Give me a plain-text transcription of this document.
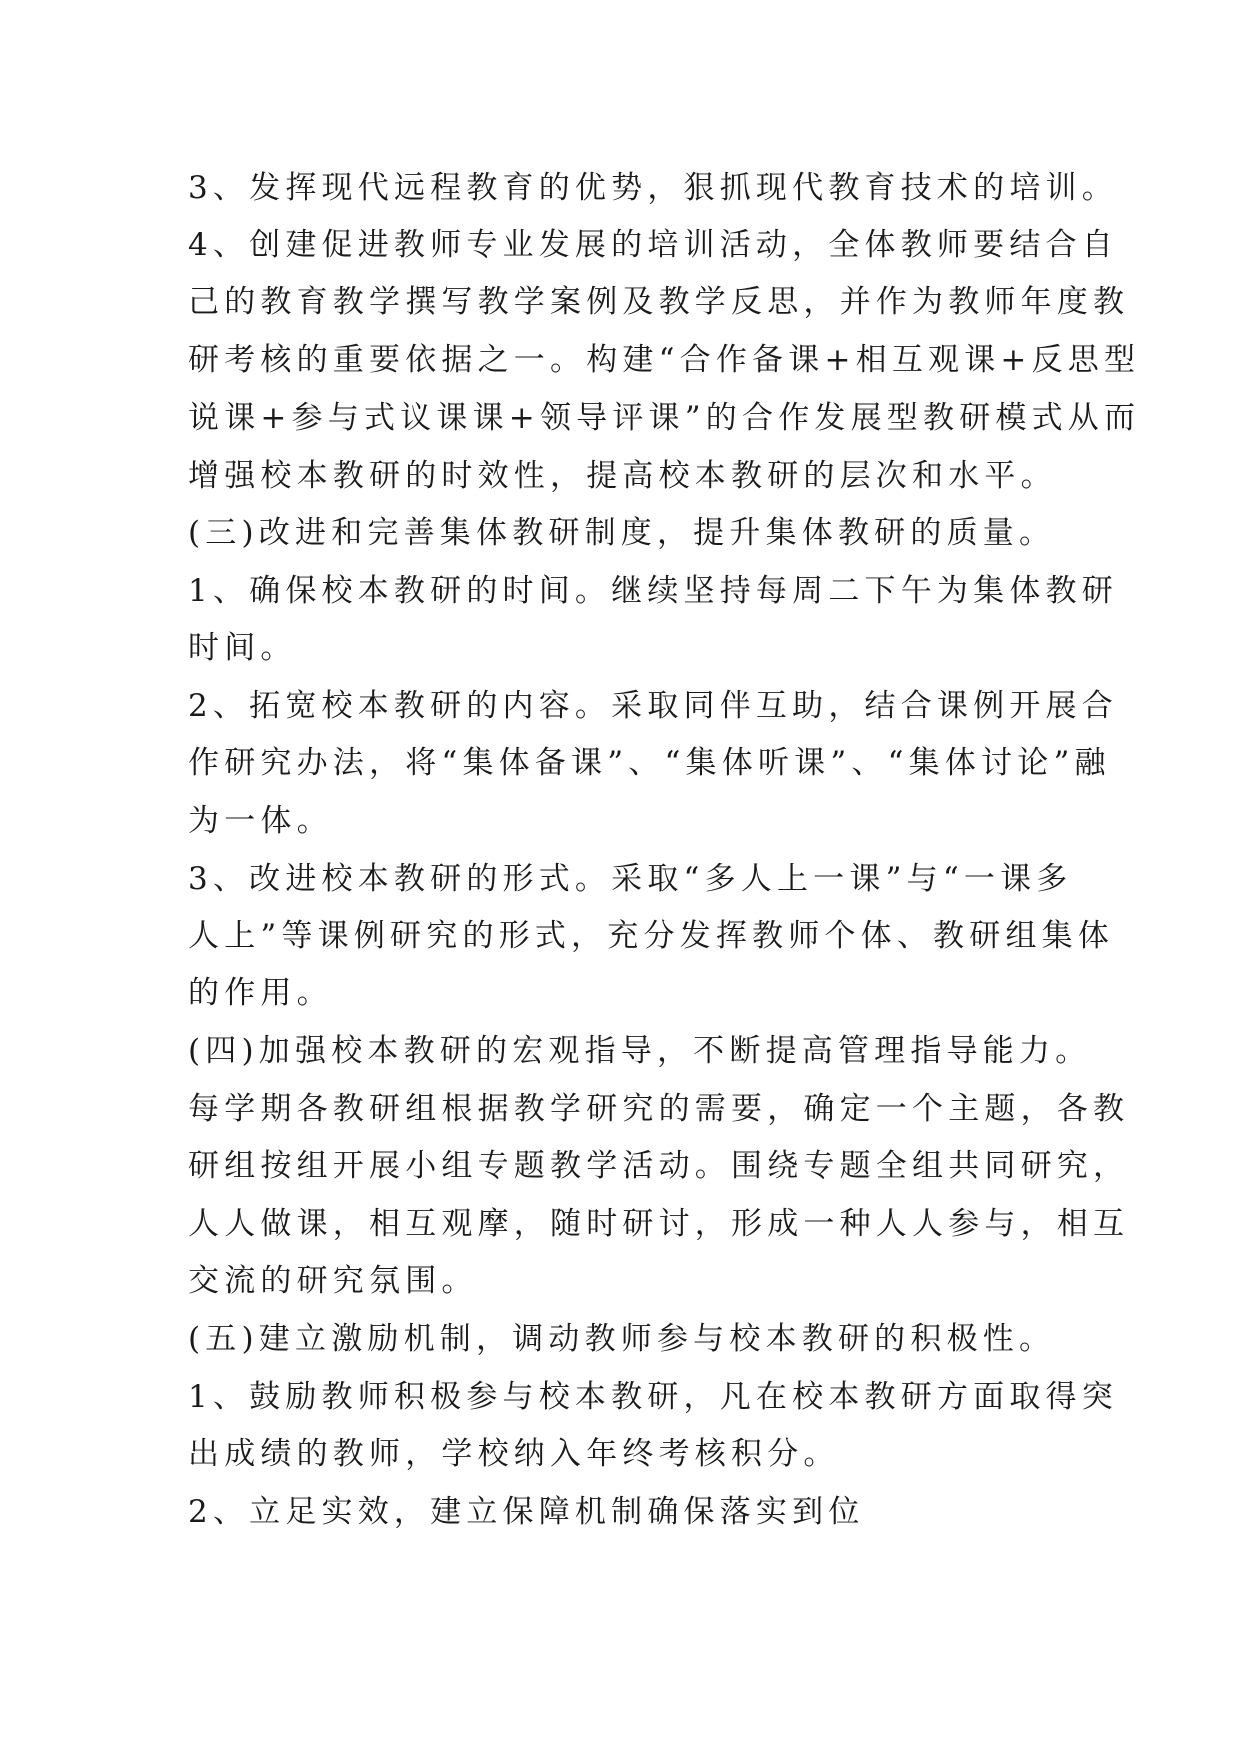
3、发挥现代远程教育的优势，狠抓现代教育技术的培训。
4、创建促进教师专业发展的培训活动，全体教师要结合自
己的教育教学撰写教学案例及教学反思，并作为教师年度教
研考核的重要依据之一。构建“合作备课+相互观课+反思型
说课+参与式议课课+领导评课”的合作发展型教研模式从而
增强校本教研的时效性，提高校本教研的层次和水平。
(三)改进和完善集体教研制度，提升集体教研的质量。
1、确保校本教研的时间。继续坚持每周二下午为集体教研
时间。
2、拓宽校本教研的内容。采取同伴互助，结合课例开展合
作研究办法，将“集体备课”、“集体听课”、“集体讨论”融
为一体。
3、改进校本教研的形式。采取“多人上一课”与“一课多
人上”等课例研究的形式，充分发挥教师个体、教研组集体
的作用。
(四)加强校本教研的宏观指导，不断提高管理指导能力。
每学期各教研组根据教学研究的需要，确定一个主题，各教
研组按组开展小组专题教学活动。围绕专题全组共同研究，
人人做课，相互观摩，随时研讨，形成一种人人参与，相互
交流的研究氛围。
(五)建立激励机制，调动教师参与校本教研的积极性。
1、鼓励教师积极参与校本教研，凡在校本教研方面取得突
出成绩的教师，学校纳入年终考核积分。
2、立足实效，建立保障机制确保落实到位
